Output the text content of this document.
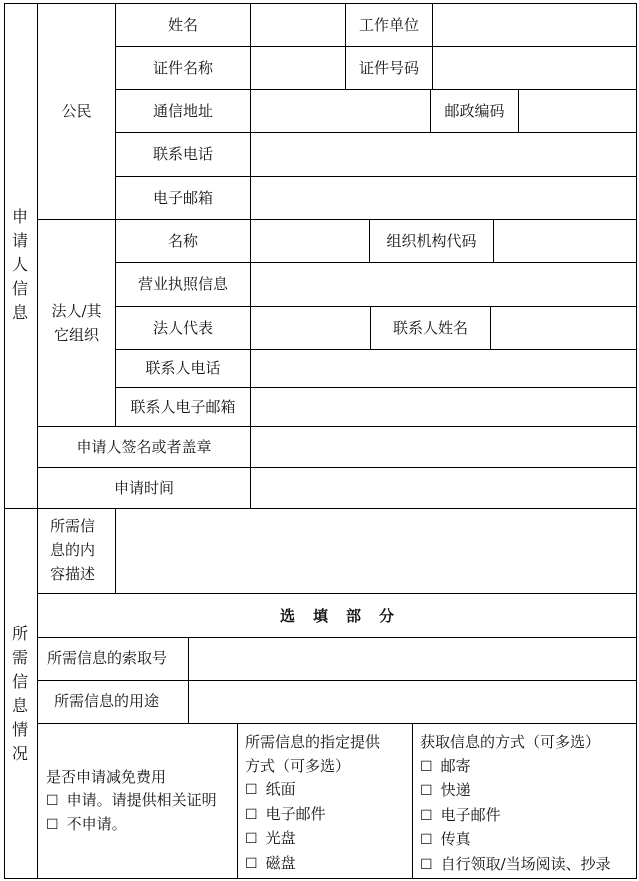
申
请
人
信
息
所
需
信
息
情
况
公民
姓名	工作单位
证件名称	证件号码
通信地址	邮政编码
联系电话
电子邮箱
法人/其
它组织
名称	组织机构代码
营业执照信息
法人代表	联系人姓名
联系人电话
联系人电子邮箱
申请人签名或者盖章
申请时间
所需信
息的内
容描述
选填部分
所需信息的索取号
所需信息的用途
是否申请减免费用
☐ 申请。请提供相关证明
☐ 不申请。
所需信息的指定提供
方式（可多选）
☐ 纸面
☐ 电子邮件
☐ 光盘
☐ 磁盘
获取信息的方式（可多选）
☐ 邮寄
☐ 快递
☐ 电子邮件
☐ 传真
☐ 自行领取/当场阅读、抄录
